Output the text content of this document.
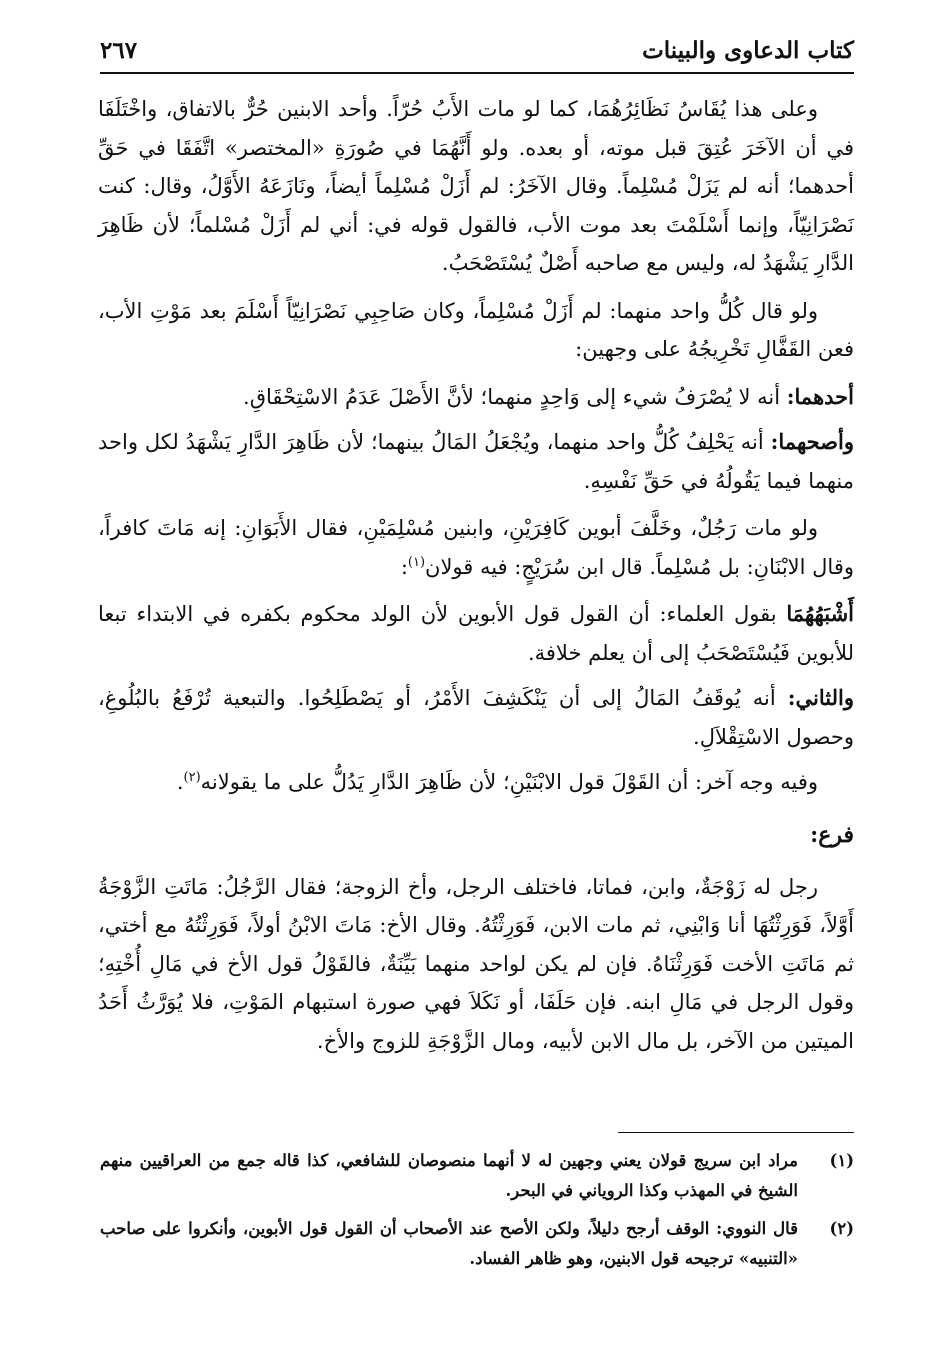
كتاب الدعاوى والبينات
٢٦٧

وعلى هذا يُقَاسُ نَظَائِرُهُمَا، كما لو مات الأَبُ حُرّاً. وأحد الابنين حُرٌّ بالاتفاق، واخْتَلَفَا في أن الآخَرَ عُتِقَ قبل موته، أو بعده. ولو أَنَّهُمَا في صُورَةِ «المختصر» اتَّفَقَا في حَقِّ أحدهما؛ أنه لم يَزَلْ مُسْلِماً. وقال الآخَرُ: لم أَزَلْ مُسْلِماً أيضاً، ونَازَعَهُ الأَوَّلُ، وقال: كنت نَصْرَانِيّاً، وإنما أَسْلَمْتَ بعد موت الأب، فالقول قوله في: أني لم أَزَلْ مُسْلماً؛ لأن ظَاهِرَ الدَّارِ يَشْهَدُ له، وليس مع صاحبه أَصْلٌ يُسْتَصْحَبُ.

ولو قال كُلُّ واحد منهما: لم أَزَلْ مُسْلِماً، وكان صَاحِبِي نَصْرَانِيّاً أَسْلَمَ بعد مَوْتِ الأب، فعن القَفَّالِ تَخْرِيجُهُ على وجهين:

أحدهما: أنه لا يُصْرَفُ شيء إلى وَاحِدٍ منهما؛ لأنَّ الأَصْلَ عَدَمُ الاسْتِحْقَاقِ.

وأصحهما: أنه يَحْلِفُ كُلُّ واحد منهما، ويُجْعَلُ المَالُ بينهما؛ لأن ظَاهِرَ الدَّارِ يَشْهَدُ لكل واحد منهما فيما يَقُولُهُ في حَقِّ نَفْسِهِ.

ولو مات رَجُلٌ، وخَلَّفَ أبوين كَافِرَيْنِ، وابنين مُسْلِمَيْنِ، فقال الأَبَوَانِ: إنه مَاتَ كافراً، وقال الابْنَانِ: بل مُسْلِماً. قال ابن سُرَيْجٍ: فيه قولان$^{(١)}$:

أَشْبَهُهُمَا بقول العلماء: أن القول قول الأبوين لأن الولد محكوم بكفره في الابتداء تبعا للأبوين فَيُسْتَصْحَبُ إلى أن يعلم خلافة.

والثاني: أنه يُوقَفُ المَالُ إلى أن يَنْكَشِفَ الأَمْرُ، أو يَصْطَلِحُوا. والتبعية تُرْفَعُ بالبُلُوغِ، وحصول الاسْتِقْلاَلِ.

وفيه وجه آخر: أن القَوْلَ قول الابْنَيْنِ؛ لأن ظَاهِرَ الدَّارِ يَدُلُّ على ما يقولانه$^{(٢)}$.

فرع:

رجل له زَوْجَةٌ، وابن، فماتا، فاختلف الرجل، وأخ الزوجة؛ فقال الرَّجُلُ: مَاتَتِ الزَّوْجَةُ أَوَّلاً، فَوَرِثْتُهَا أنا وَابْنِي، ثم مات الابن، فَوَرِثْتُهُ. وقال الأخ: مَاتَ الابْنُ أولاً، فَوَرِثْتُهُ مع أختي، ثم مَاتَتِ الأخت فَوَرِثْنَاهُ. فإن لم يكن لواحد منهما بَيِّنَةٌ، فالقَوْلُ قول الأخ في مَالِ أُخْتِهِ؛ وقول الرجل في مَالِ ابنه. فإن حَلَفَا، أو نَكَلاَ فهي صورة استبهام المَوْتِ، فلا يُوَرَّثُ أَحَدُ الميتين من الآخر، بل مال الابن لأبيه، ومال الزَّوْجَةِ للزوج والأخ.

(١)
مراد ابن سريج قولان يعني وجهين له لا أنهما منصوصان للشافعي، كذا قاله جمع من العراقيين منهم الشيخ في المهذب وكذا الروياني في البحر.
(٢)
قال النووي: الوقف أرجح دليلاً، ولكن الأصح عند الأصحاب أن القول قول الأبوين، وأنكروا على صاحب «التنبيه» ترجيحه قول الابنين، وهو ظاهر الفساد.
